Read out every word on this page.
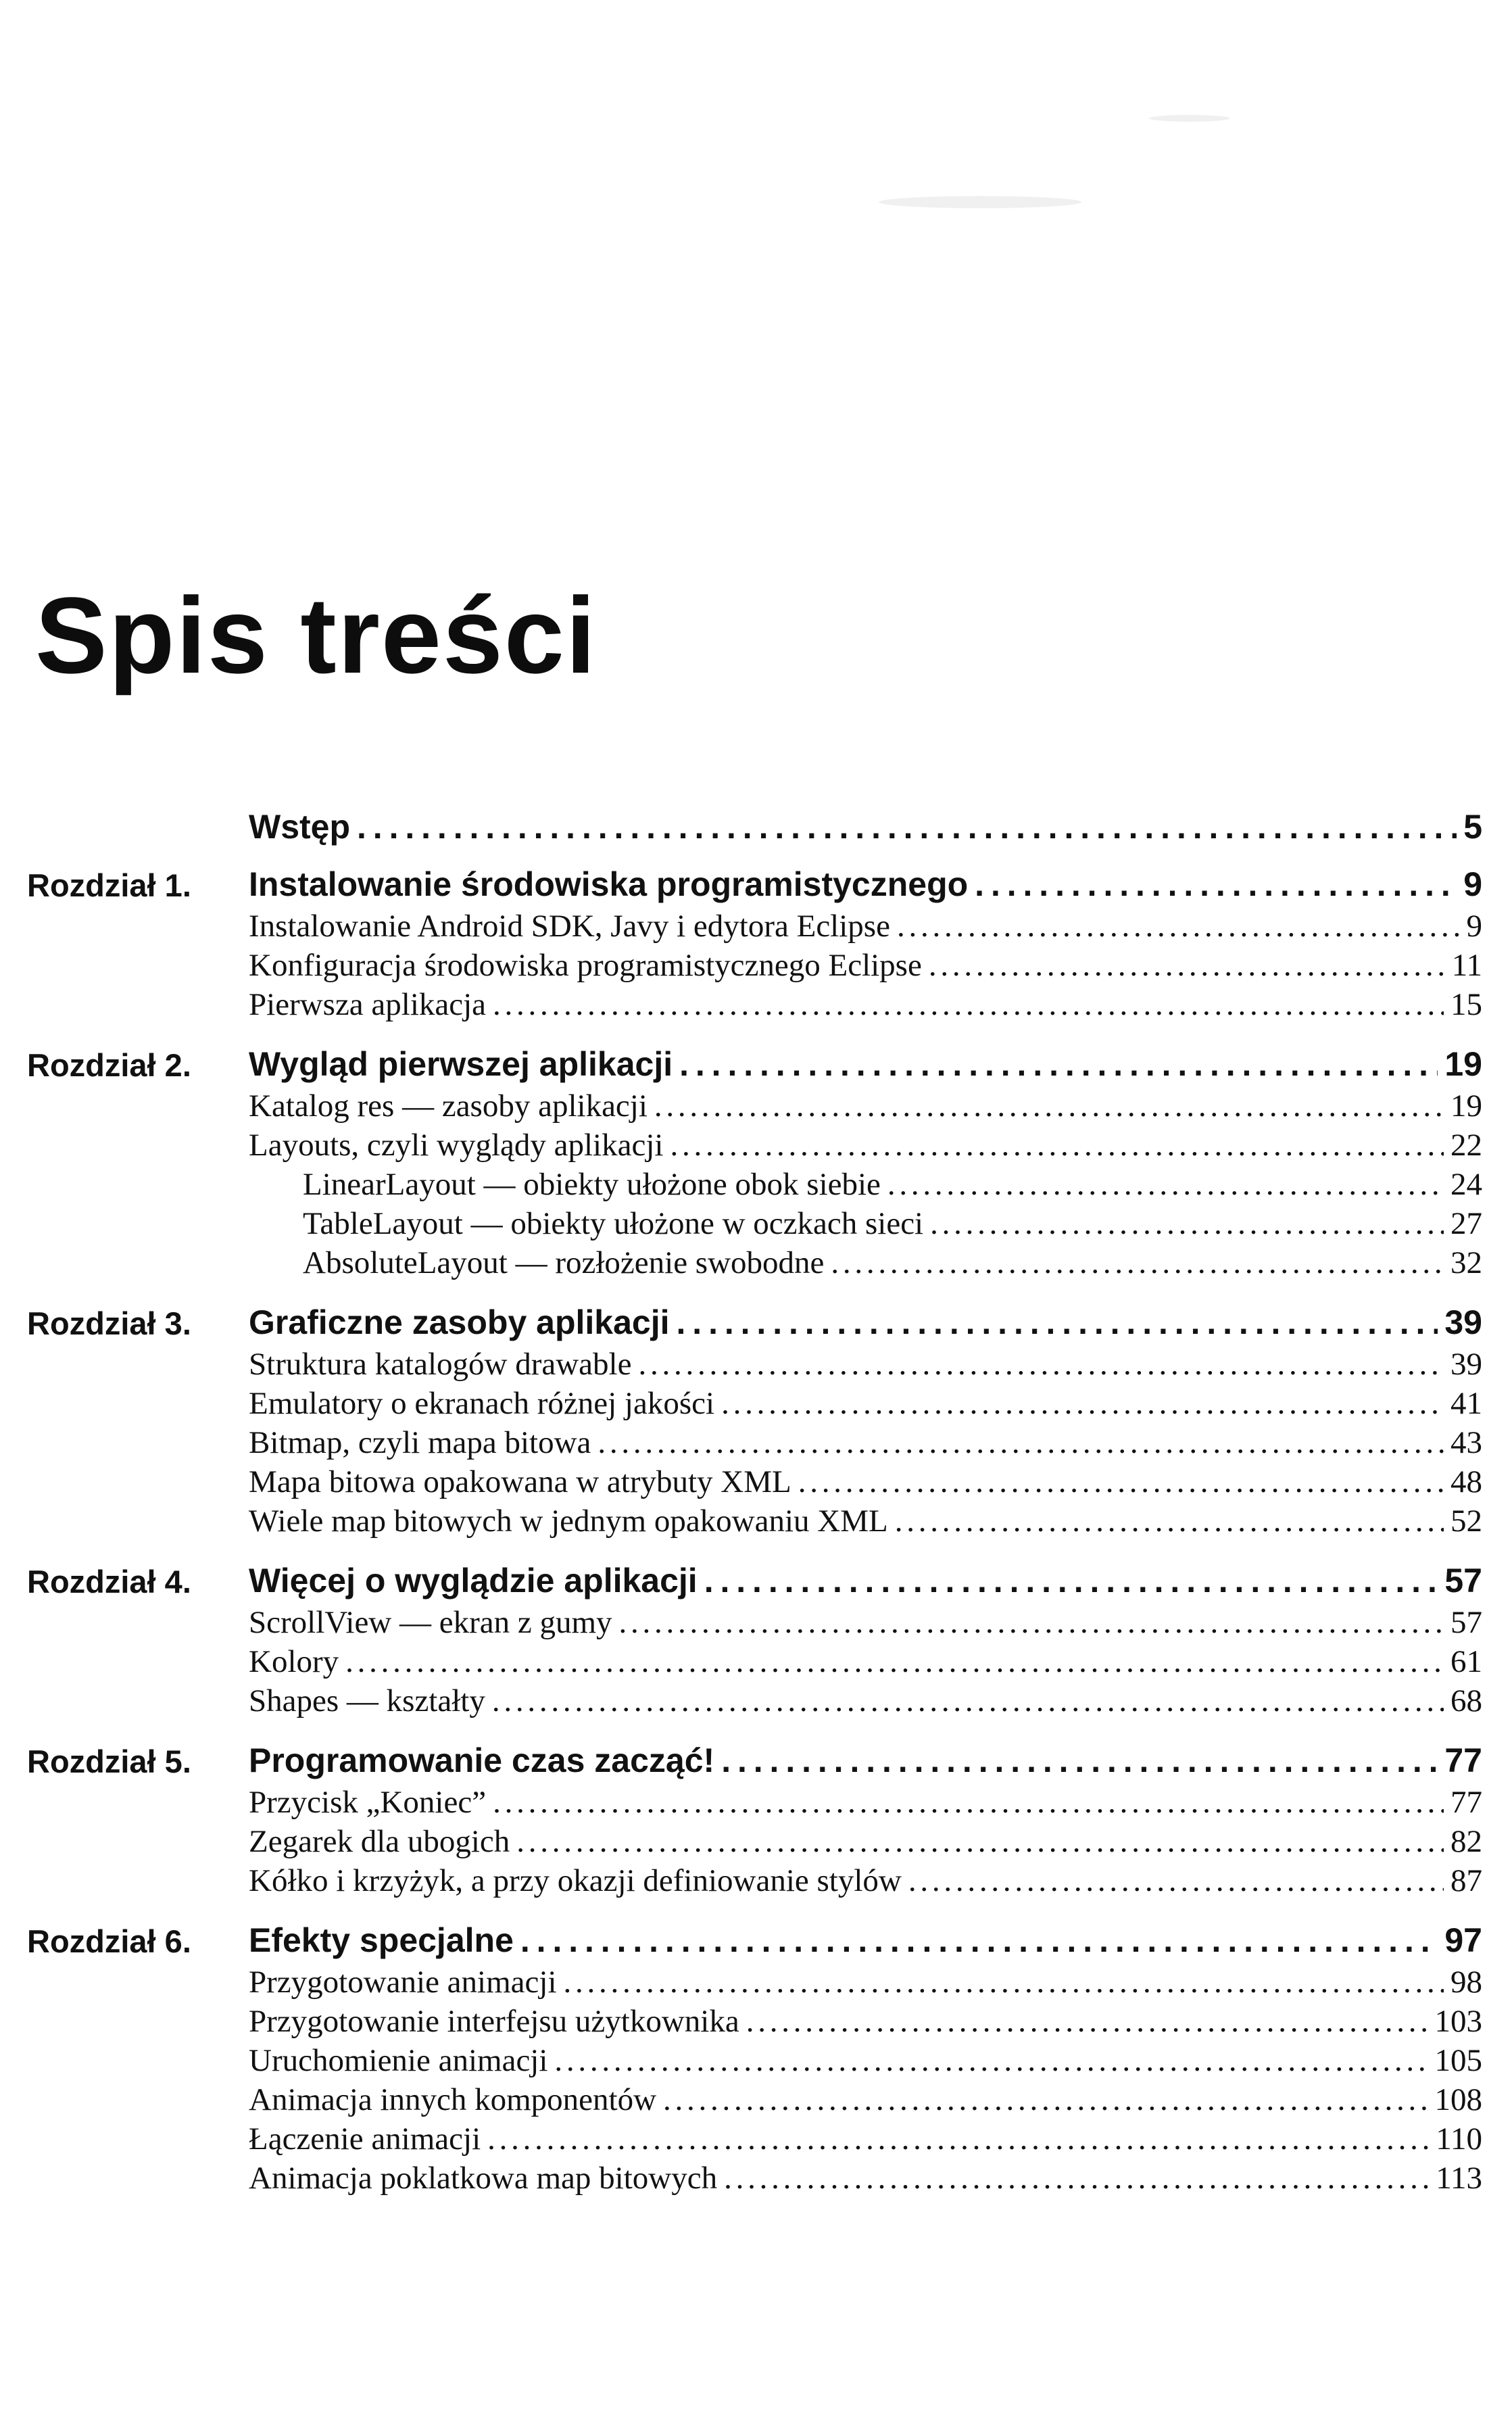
Spis treści
Wstęp . . .	5
Rozdział 1. Instalowanie środowiska programistycznego . . .	9
Instalowanie Android SDK, Javy i edytora Eclipse . . .	9
Konfiguracja środowiska programistycznego Eclipse . . .	11
Pierwsza aplikacja . . .	15
Rozdział 2. Wygląd pierwszej aplikacji . . .	19
Katalog res — zasoby aplikacji . . .	19
Layouts, czyli wyglądy aplikacji . . .	22
LinearLayout — obiekty ułożone obok siebie . . .	24
TableLayout — obiekty ułożone w oczkach sieci . . .	27
AbsoluteLayout — rozłożenie swobodne . . .	32
Rozdział 3. Graficzne zasoby aplikacji . . .	39
Struktura katalogów drawable . . .	39
Emulatory o ekranach różnej jakości . . .	41
Bitmap, czyli mapa bitowa . . .	43
Mapa bitowa opakowana w atrybuty XML . . .	48
Wiele map bitowych w jednym opakowaniu XML . . .	52
Rozdział 4. Więcej o wyglądzie aplikacji . . .	57
ScrollView — ekran z gumy . . .	57
Kolory . . .	61
Shapes — kształty . . .	68
Rozdział 5. Programowanie czas zacząć! . . .	77
Przycisk „Koniec” . . .	77
Zegarek dla ubogich . . .	82
Kółko i krzyżyk, a przy okazji definiowanie stylów . . .	87
Rozdział 6. Efekty specjalne . . .	97
Przygotowanie animacji . . .	98
Przygotowanie interfejsu użytkownika . . .	103
Uruchomienie animacji . . .	105
Animacja innych komponentów . . .	108
Łączenie animacji . . .	110
Animacja poklatkowa map bitowych . . .	113
